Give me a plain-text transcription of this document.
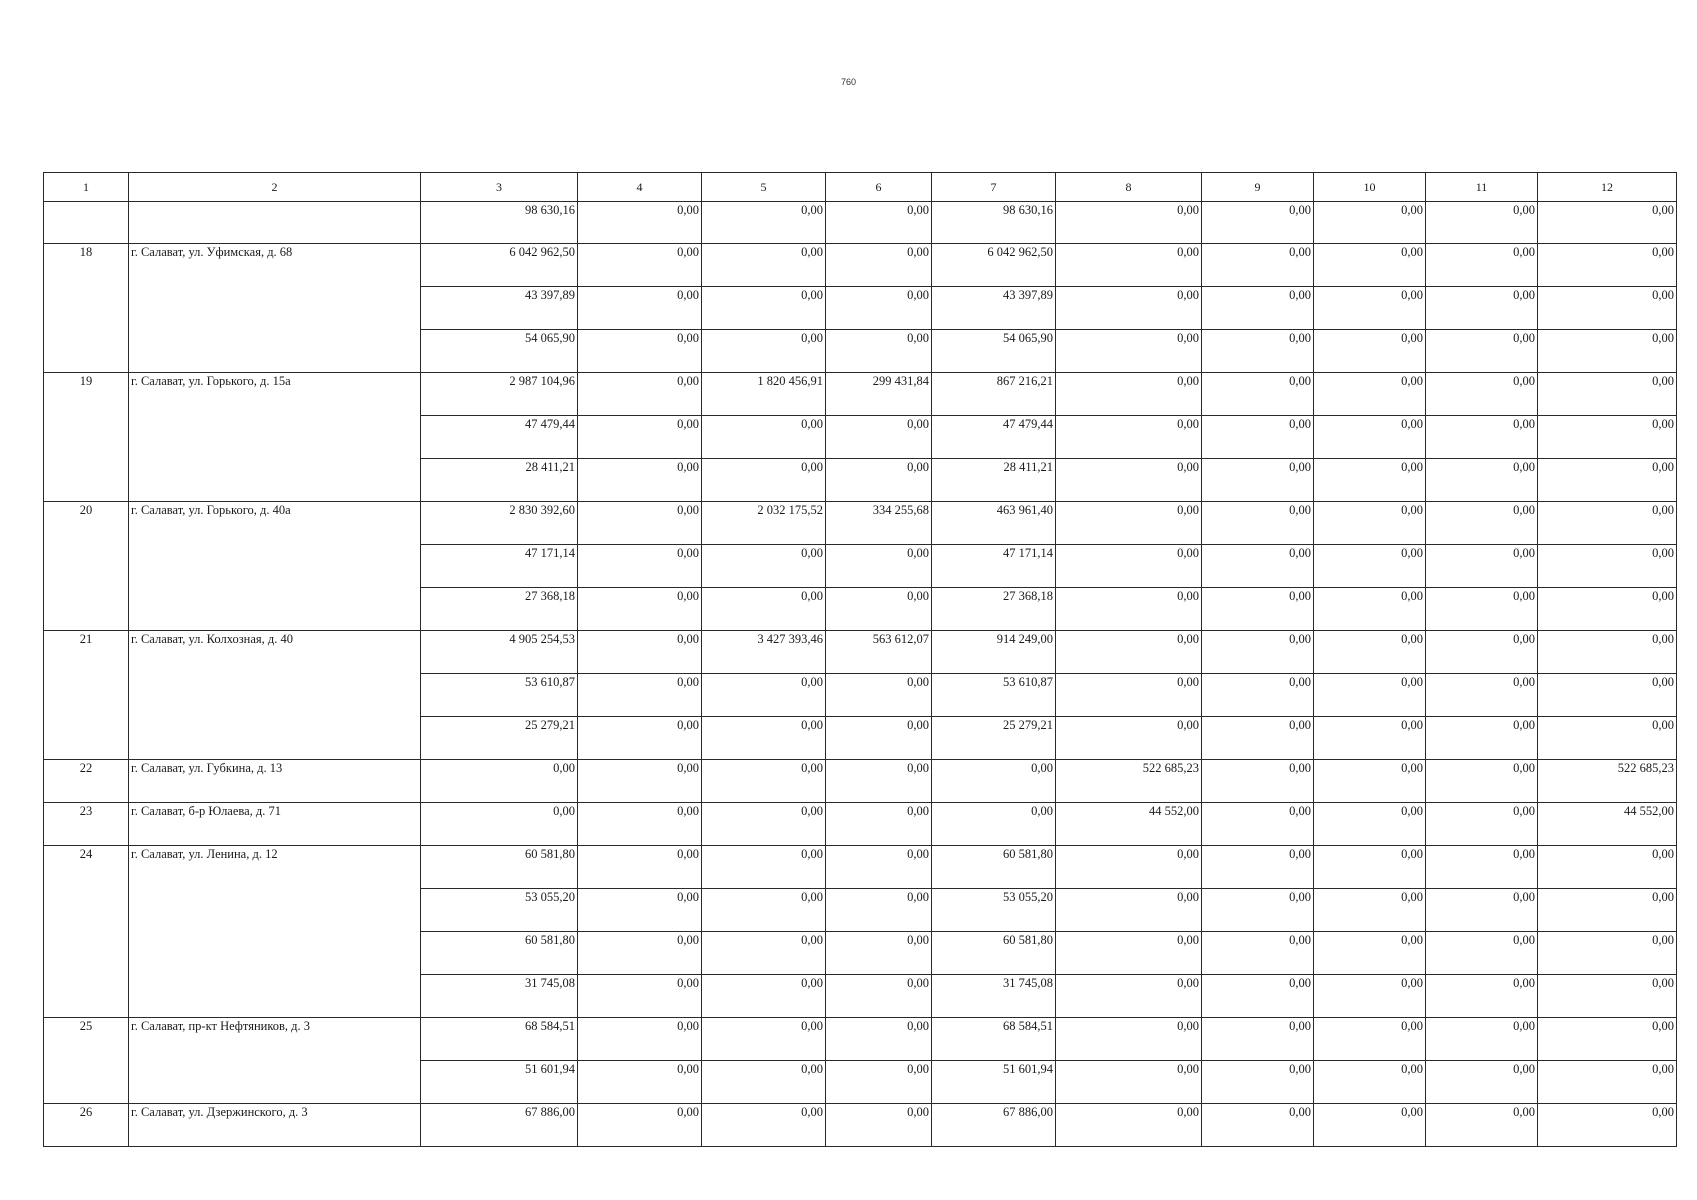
760
1	2	3	4	5	6	7	8	9	10	11	12
		98 630,16	0,00	0,00	0,00	98 630,16	0,00	0,00	0,00	0,00	0,00
18	г. Салават, ул. Уфимская, д. 68	6 042 962,50	0,00	0,00	0,00	6 042 962,50	0,00	0,00	0,00	0,00	0,00
		43 397,89	0,00	0,00	0,00	43 397,89	0,00	0,00	0,00	0,00	0,00
		54 065,90	0,00	0,00	0,00	54 065,90	0,00	0,00	0,00	0,00	0,00
19	г. Салават, ул. Горького, д. 15а	2 987 104,96	0,00	1 820 456,91	299 431,84	867 216,21	0,00	0,00	0,00	0,00	0,00
		47 479,44	0,00	0,00	0,00	47 479,44	0,00	0,00	0,00	0,00	0,00
		28 411,21	0,00	0,00	0,00	28 411,21	0,00	0,00	0,00	0,00	0,00
20	г. Салават, ул. Горького, д. 40а	2 830 392,60	0,00	2 032 175,52	334 255,68	463 961,40	0,00	0,00	0,00	0,00	0,00
		47 171,14	0,00	0,00	0,00	47 171,14	0,00	0,00	0,00	0,00	0,00
		27 368,18	0,00	0,00	0,00	27 368,18	0,00	0,00	0,00	0,00	0,00
21	г. Салават, ул. Колхозная, д. 40	4 905 254,53	0,00	3 427 393,46	563 612,07	914 249,00	0,00	0,00	0,00	0,00	0,00
		53 610,87	0,00	0,00	0,00	53 610,87	0,00	0,00	0,00	0,00	0,00
		25 279,21	0,00	0,00	0,00	25 279,21	0,00	0,00	0,00	0,00	0,00
22	г. Салават, ул. Губкина, д. 13	0,00	0,00	0,00	0,00	0,00	522 685,23	0,00	0,00	0,00	522 685,23
23	г. Салават, б-р Юлаева, д. 71	0,00	0,00	0,00	0,00	0,00	44 552,00	0,00	0,00	0,00	44 552,00
24	г. Салават, ул. Ленина, д. 12	60 581,80	0,00	0,00	0,00	60 581,80	0,00	0,00	0,00	0,00	0,00
		53 055,20	0,00	0,00	0,00	53 055,20	0,00	0,00	0,00	0,00	0,00
		60 581,80	0,00	0,00	0,00	60 581,80	0,00	0,00	0,00	0,00	0,00
		31 745,08	0,00	0,00	0,00	31 745,08	0,00	0,00	0,00	0,00	0,00
25	г. Салават, пр-кт Нефтяников, д. 3	68 584,51	0,00	0,00	0,00	68 584,51	0,00	0,00	0,00	0,00	0,00
		51 601,94	0,00	0,00	0,00	51 601,94	0,00	0,00	0,00	0,00	0,00
26	г. Салават, ул. Дзержинского, д. 3	67 886,00	0,00	0,00	0,00	67 886,00	0,00	0,00	0,00	0,00	0,00
